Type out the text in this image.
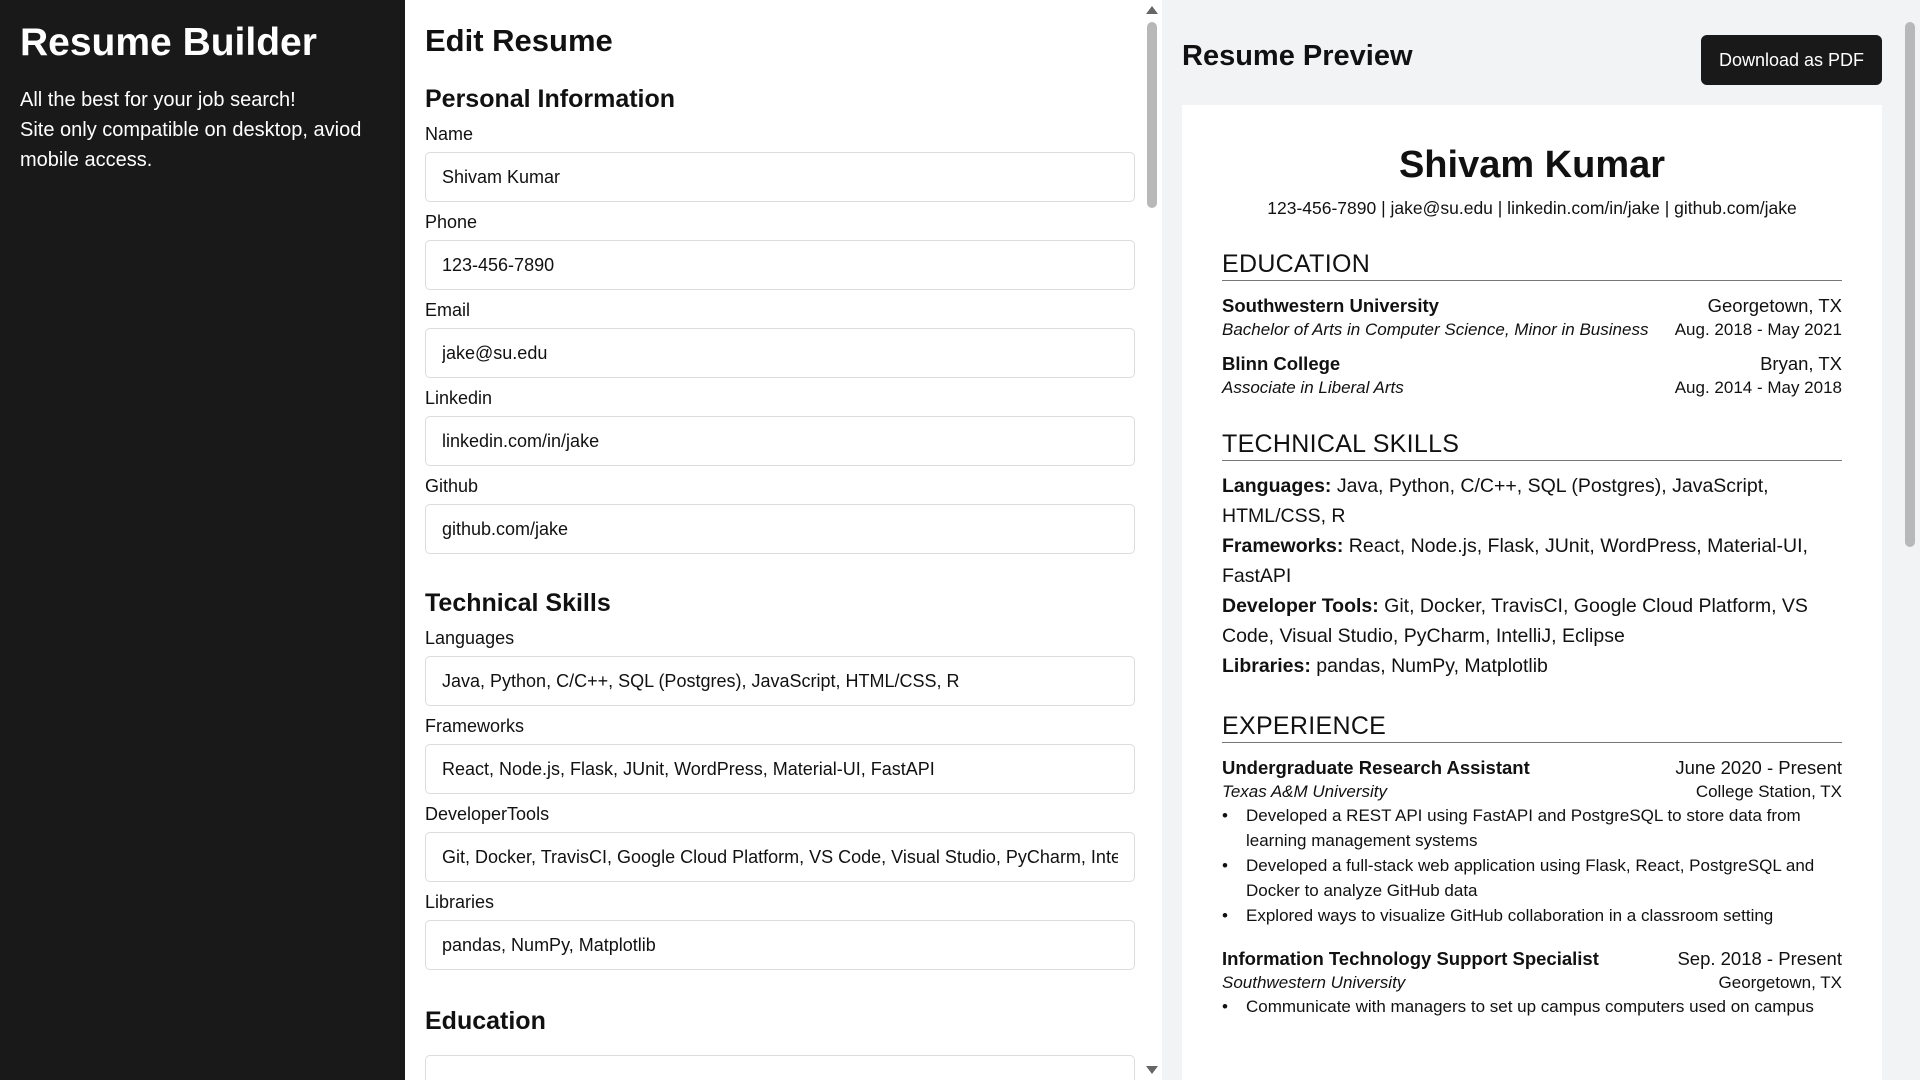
Resume Builder

All the best for your job search!
Site only compatible on desktop, aviod mobile access.

Edit Resume
Personal Information
Name
Shivam Kumar
Phone
123-456-7890
Email
jake@su.edu
Linkedin
linkedin.com/in/jake
Github
github.com/jake
Technical Skills
Languages
Java, Python, C/C++, SQL (Postgres), JavaScript, HTML/CSS, R
Frameworks
React, Node.js, Flask, JUnit, WordPress, Material-UI, FastAPI
DeveloperTools
Git, Docker, TravisCI, Google Cloud Platform, VS Code, Visual Studio, PyCharm, IntelliJ, Eclipse
Libraries
pandas, NumPy, Matplotlib
Education
Resume Preview	Download as PDF
Shivam Kumar
123-456-7890 | jake@su.edu | linkedin.com/in/jake | github.com/jake
EDUCATION
Southwestern University	Georgetown, TX
Bachelor of Arts in Computer Science, Minor in Business Aug. 2018 - May 2021
Blinn College	Bryan, TX
Associate in Liberal Arts	Aug. 2014 - May 2018
TECHNICAL SKILLS
Languages: Java, Python, C/C++, SQL (Postgres), JavaScript, HTML/CSS, R
Frameworks: React, Node.js, Flask, JUnit, WordPress, Material-UI, FastAPI
Developer Tools: Git, Docker, TravisCI, Google Cloud Platform, VS Code, Visual Studio, PyCharm, IntelliJ, Eclipse
Libraries: pandas, NumPy, Matplotlib
EXPERIENCE
Undergraduate Research Assistant	June 2020 - Present
Texas A&M University	College Station, TX
• Developed a REST API using FastAPI and PostgreSQL to store data from learning management systems
• Developed a full-stack web application using Flask, React, PostgreSQL and Docker to analyze GitHub data
• Explored ways to visualize GitHub collaboration in a classroom setting
Information Technology Support Specialist	Sep. 2018 - Present
Southwestern University	Georgetown, TX
• Communicate with managers to set up campus computers used on campus
